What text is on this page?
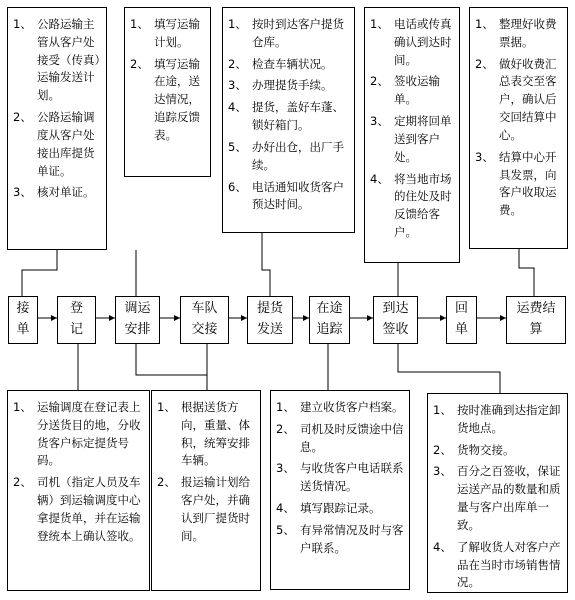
1、 公路运输主管从客户处接受（传真）运输发送计划。
2、 公路运输调度从客户处接出库提货单证。
3、 核对单证。
1、 填写运输计划。
2、 填写运输在途，送达情况，追踪反馈表。
1、 按时到达客户提货仓库。
2、 检查车辆状况。
3、 办理提货手续。
4、 提货，盖好车蓬、锁好箱门。
5、 办好出仓，出厂手续。
6、 电话通知收货客户预达时间。
1、 电话或传真确认到达时间。
2、 签收运输单。
3、 定期将回单送到客户处。
4、 将当地市场的住处及时反馈给客户。
1、 整理好收费票据。
2、 做好收费汇总表交至客户，确认后交回结算中心。
3、 结算中心开具发票，向客户收取运费。
接
单
登
记
调运
安排
车队
交接
提货
发送
在途
追踪
到达
签收
回
单
运费结
算
1、 运输调度在登记表上分送货目的地，分收货客户标定提货号码。
2、 司机（指定人员及车辆）到运输调度中心拿提货单，并在运输登统本上确认签收。
1、 根据送货方向，重量、体积，统筹安排车辆。
2、 报运输计划给客户处，并确认到厂提货时间。
1、 建立收货客户档案。
2、 司机及时反馈途中信息。
3、 与收货客户电话联系送货情况。
4、 填写跟踪记录。
5、 有异常情况及时与客户联系。
1、 按时准确到达指定卸货地点。
2、 货物交接。
3、 百分之百签收，保证运送产品的数量和质量与客户出库单一致。
4、 了解收货人对客户产品在当时市场销售情况。
